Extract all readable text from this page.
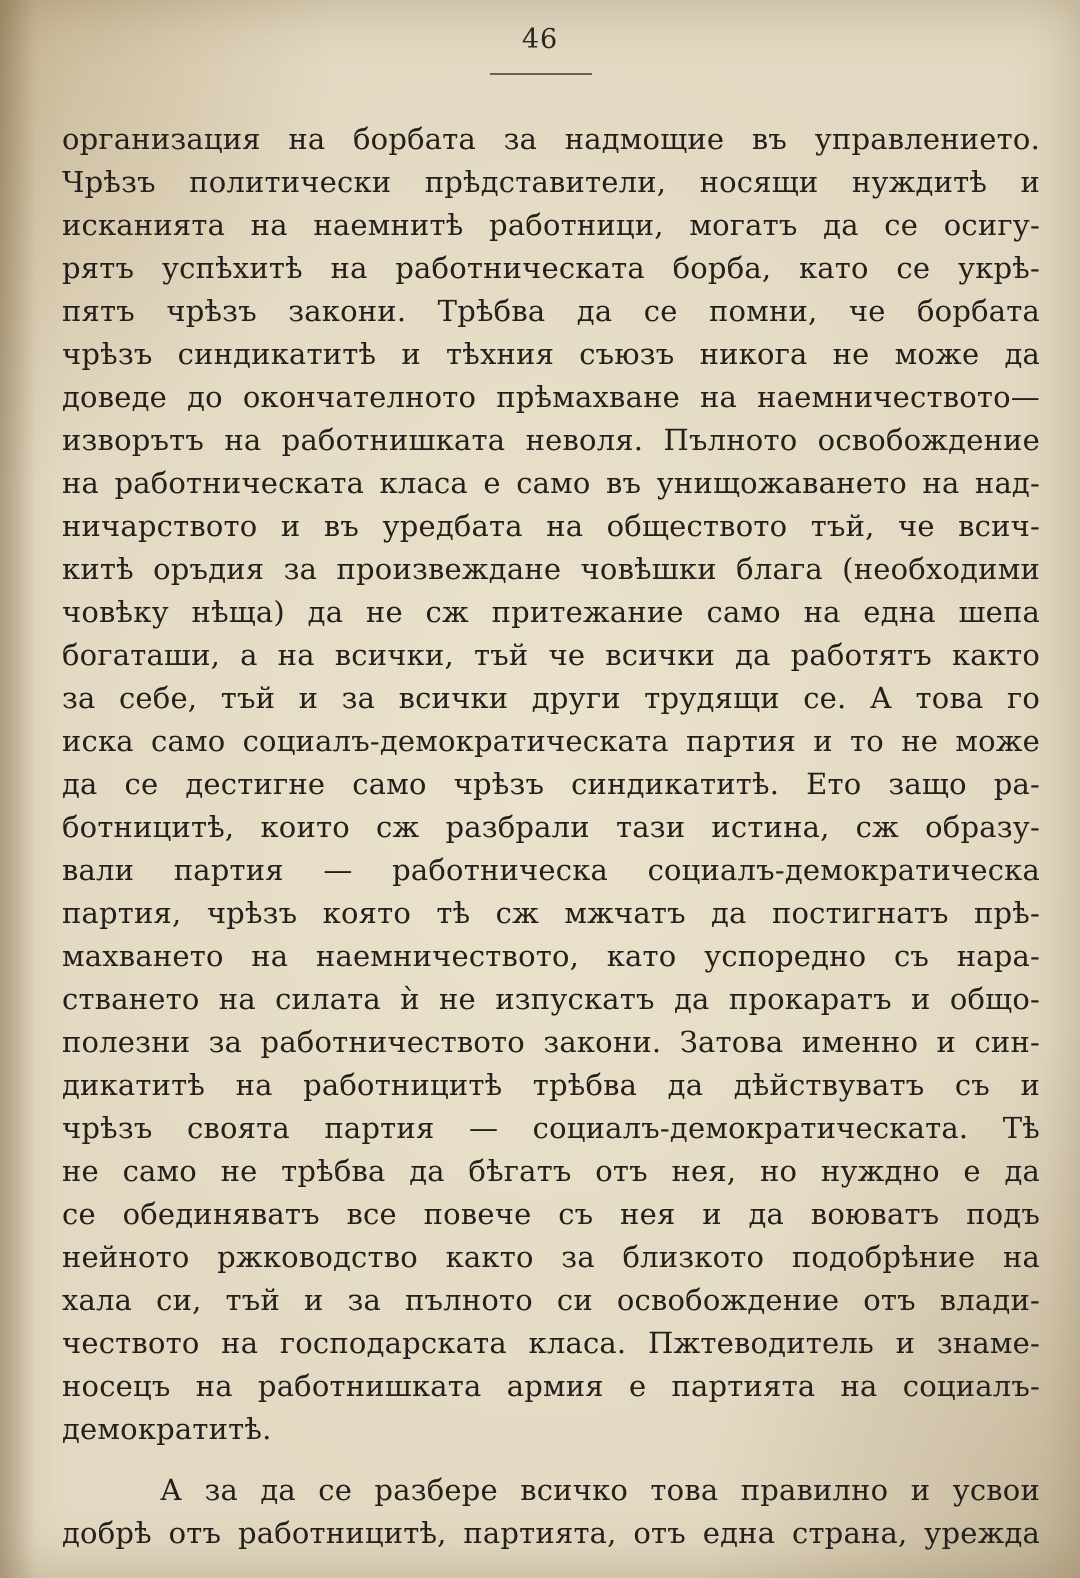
46
организация на борбата за надмощие въ управлението.
Чрѣзъ политически прѣдставители, носящи нуждитѣ и
исканията на наемнитѣ работници, могатъ да се осигу-
рятъ успѣхитѣ на работническата борба, като се укрѣ-
пятъ чрѣзъ закони. Трѣбва да се помни, че борбата
чрѣзъ синдикатитѣ и тѣхния съюзъ никога не може да
доведе до окончателното прѣмахване на наемничеството—
изворътъ на работнишката неволя. Пълното освобождение
на работническата класа е само въ унищожаването на над-
ничарството и въ уредбата на обществото тъй, че всич-
китѣ оръдия за произвеждане човѣшки блага (необходими
човѣку нѣща) да не сж притежание само на една шепа
богаташи, а на всички, тъй че всички да работятъ както
за себе, тъй и за всички други трудящи се. А това го
иска само социалъ-демократическата партия и то не може
да се дестигне само чрѣзъ синдикатитѣ. Ето защо ра-
ботницитѣ, които сж разбрали тази истина, сж образу-
вали партия — работническа социалъ-демократическа
партия, чрѣзъ която тѣ сж мжчатъ да постигнатъ прѣ-
махването на наемничеството, като успоредно съ нара-
стването на силата ѝ не изпускатъ да прокаратъ и общо-
полезни за работничеството закони. Затова именно и син-
дикатитѣ на работницитѣ трѣбва да дѣйствуватъ съ и
чрѣзъ своята партия — социалъ-демократическата. Тѣ
не само не трѣбва да бѣгатъ отъ нея, но нуждно е да
се обединяватъ все повече съ нея и да воюватъ подъ
нейното ржководство както за близкото подобрѣние на
хала си, тъй и за пълното си освобождение отъ влади-
чеството на господарската класа. Пжтеводитель и знаме-
носецъ на работнишката армия е партията на социалъ-
демократитѣ.
А за да се разбере всичко това правилно и усвои
добрѣ отъ работницитѣ, партията, отъ една страна, урежда
